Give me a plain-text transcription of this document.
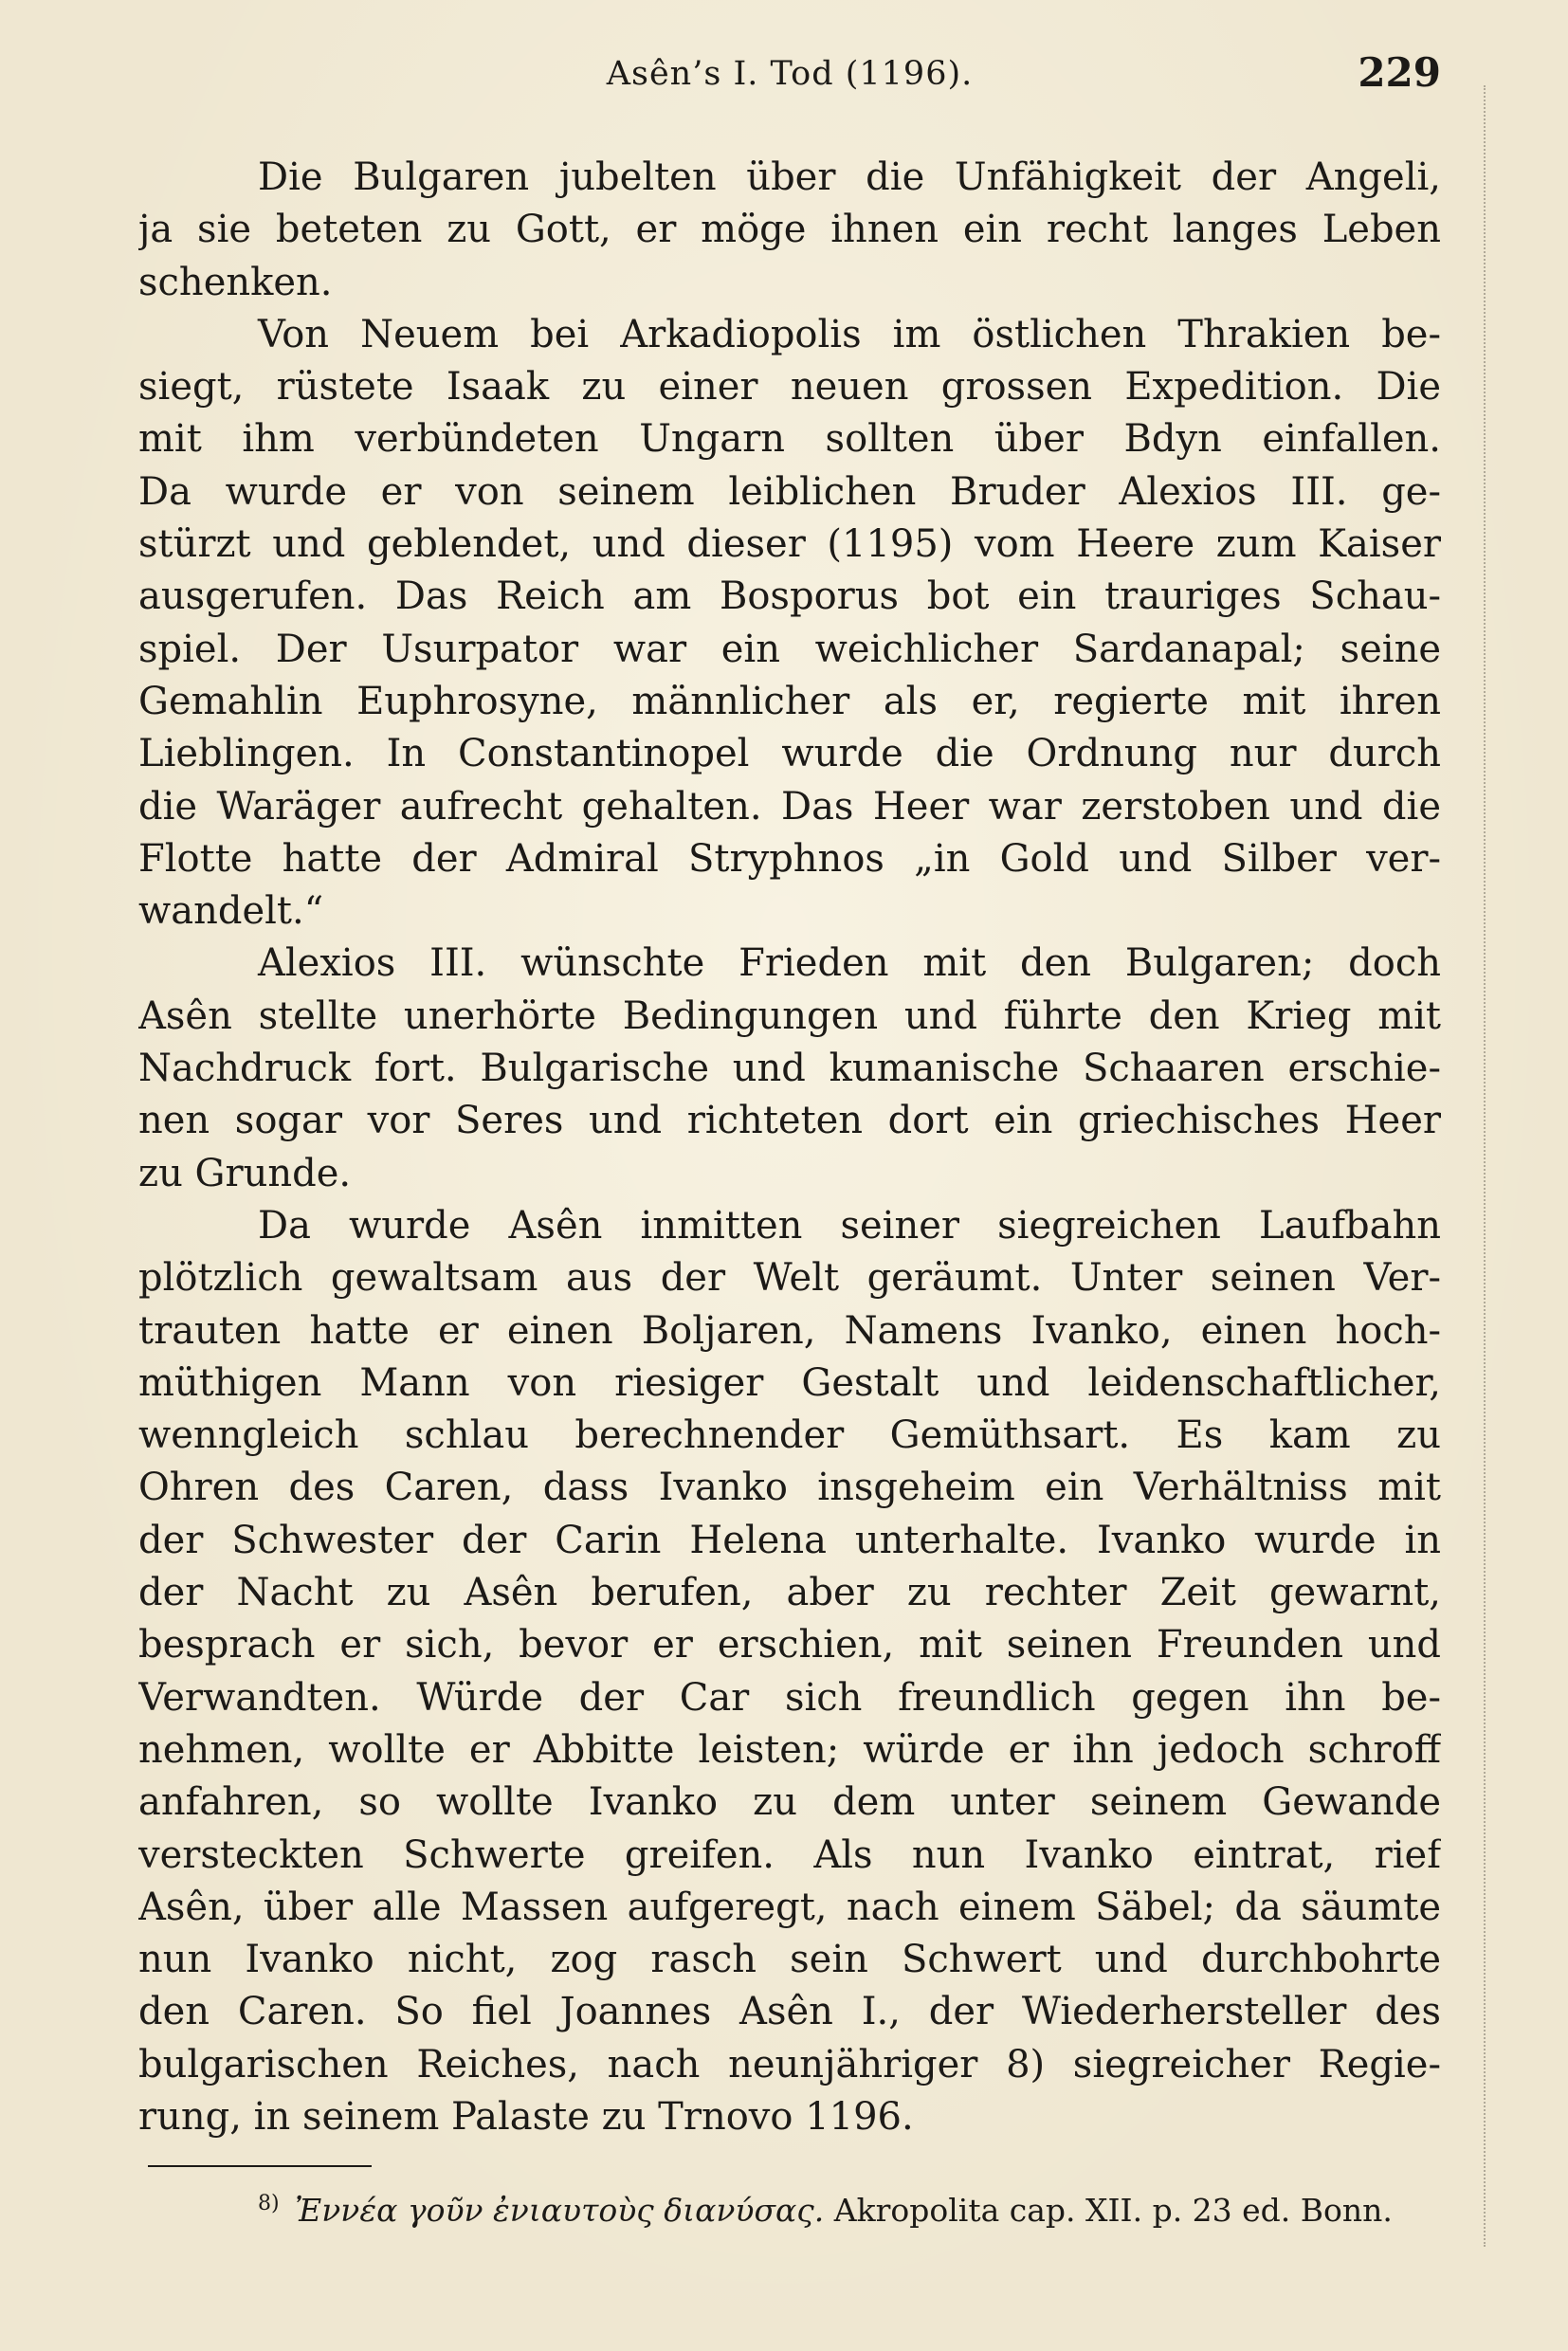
Asên’s I. Tod (1196).	229
Die Bulgaren jubelten über die Unfähigkeit der Angeli,
ja sie beteten zu Gott, er möge ihnen ein recht langes Leben
schenken.
Von Neuem bei Arkadiopolis im östlichen Thrakien be-
siegt, rüstete Isaak zu einer neuen grossen Expedition. Die
mit ihm verbündeten Ungarn sollten über Bdyn einfallen.
Da wurde er von seinem leiblichen Bruder Alexios III. ge-
stürzt und geblendet, und dieser (1195) vom Heere zum Kaiser
ausgerufen. Das Reich am Bosporus bot ein trauriges Schau-
spiel. Der Usurpator war ein weichlicher Sardanapal; seine
Gemahlin Euphrosyne, männlicher als er, regierte mit ihren
Lieblingen. In Constantinopel wurde die Ordnung nur durch
die Waräger aufrecht gehalten. Das Heer war zerstoben und die
Flotte hatte der Admiral Stryphnos „in Gold und Silber ver-
wandelt.“
Alexios III. wünschte Frieden mit den Bulgaren; doch
Asên stellte unerhörte Bedingungen und führte den Krieg mit
Nachdruck fort. Bulgarische und kumanische Schaaren erschie-
nen sogar vor Seres und richteten dort ein griechisches Heer
zu Grunde.
Da wurde Asên inmitten seiner siegreichen Laufbahn
plötzlich gewaltsam aus der Welt geräumt. Unter seinen Ver-
trauten hatte er einen Boljaren, Namens Ivanko, einen hoch-
müthigen Mann von riesiger Gestalt und leidenschaftlicher,
wenngleich schlau berechnender Gemüthsart. Es kam zu
Ohren des Caren, dass Ivanko insgeheim ein Verhältniss mit
der Schwester der Carin Helena unterhalte. Ivanko wurde in
der Nacht zu Asên berufen, aber zu rechter Zeit gewarnt,
besprach er sich, bevor er erschien, mit seinen Freunden und
Verwandten. Würde der Car sich freundlich gegen ihn be-
nehmen, wollte er Abbitte leisten; würde er ihn jedoch schroff
anfahren, so wollte Ivanko zu dem unter seinem Gewande
versteckten Schwerte greifen. Als nun Ivanko eintrat, rief
Asên, über alle Massen aufgeregt, nach einem Säbel; da säumte
nun Ivanko nicht, zog rasch sein Schwert und durchbohrte
den Caren. So fiel Joannes Asên I., der Wiederhersteller des
bulgarischen Reiches, nach neunjähriger 8) siegreicher Regie-
rung, in seinem Palaste zu Trnovo 1196.
$^{8)}$ Ἐννέα γοῦν ἐνιαυτοὺς διανύσας. Akropolita cap. XII. p. 23 ed. Bonn.
